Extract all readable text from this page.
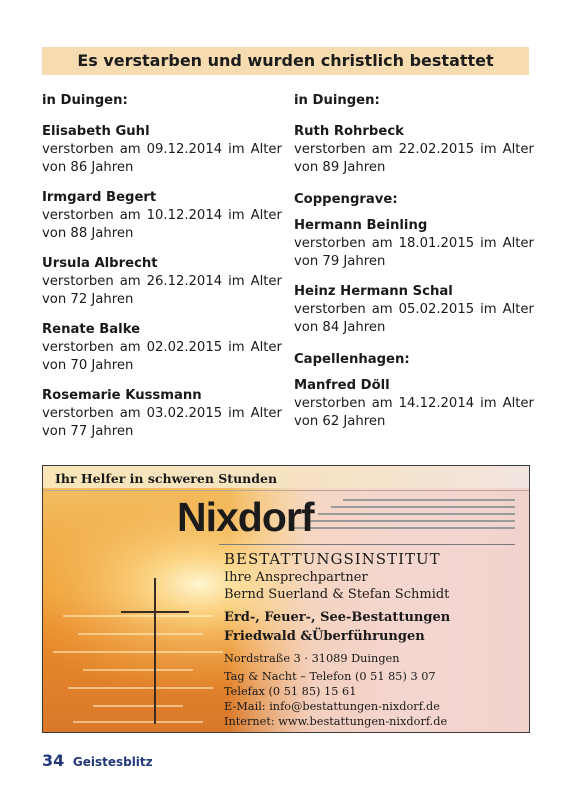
Es verstarben und wurden christlich bestattet
in Duingen:
Elisabeth Guhl
verstorben am 09.12.2014 im Alter
von 86 Jahren
Irmgard Begert
verstorben am 10.12.2014 im Alter
von 88 Jahren
Ursula Albrecht
verstorben am 26.12.2014 im Alter
von 72 Jahren
Renate Balke
verstorben am 02.02.2015 im Alter
von 70 Jahren
Rosemarie Kussmann
verstorben am 03.02.2015 im Alter
von 77 Jahren
in Duingen:
Ruth Rohrbeck
verstorben am 22.02.2015 im Alter
von 89 Jahren
Coppengrave:
Hermann Beinling
verstorben am 18.01.2015 im Alter
von 79 Jahren
Heinz Hermann Schal
verstorben am 05.02.2015 im Alter
von 84 Jahren
Capellenhagen:
Manfred Döll
verstorben am 14.12.2014 im Alter
von 62 Jahren
Ihr Helfer in schweren Stunden
Nixdorf
BESTATTUNGSINSTITUT
Ihre Ansprechpartner
Bernd Suerland & Stefan Schmidt
Erd-, Feuer-, See-Bestattungen
Friedwald &Überführungen
Nordstraße 3 · 31089 Duingen
Tag & Nacht – Telefon (0 51 85) 3 07
Telefax (0 51 85) 15 61
E-Mail: info@bestattungen-nixdorf.de
Internet: www.bestattungen-nixdorf.de
34 Geistesblitz
